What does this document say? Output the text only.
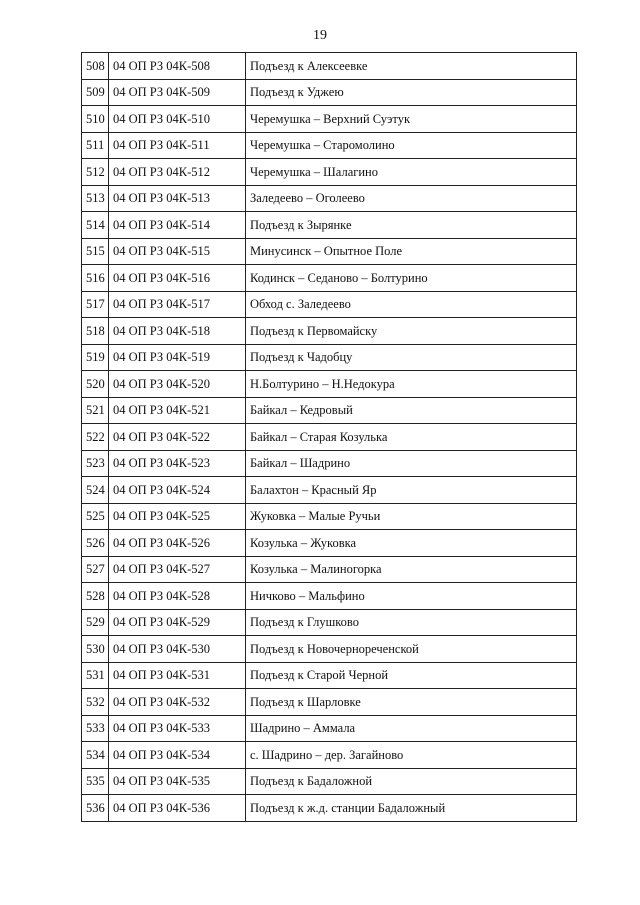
19
508	04 ОП РЗ 04К-508	Подъезд к Алексеевке
509	04 ОП РЗ 04К-509	Подъезд к Уджею
510	04 ОП РЗ 04К-510	Черемушка – Верхний Суэтук
511	04 ОП РЗ 04К-511	Черемушка – Старомолино
512	04 ОП РЗ 04К-512	Черемушка – Шалагино
513	04 ОП РЗ 04К-513	Заледеево – Оголеево
514	04 ОП РЗ 04К-514	Подъезд к Зырянке
515	04 ОП РЗ 04К-515	Минусинск – Опытное Поле
516	04 ОП РЗ 04К-516	Кодинск – Седаново – Болтурино
517	04 ОП РЗ 04К-517	Обход с. Заледеево
518	04 ОП РЗ 04К-518	Подъезд к Первомайску
519	04 ОП РЗ 04К-519	Подъезд к Чадобцу
520	04 ОП РЗ 04К-520	Н.Болтурино – Н.Недокура
521	04 ОП РЗ 04К-521	Байкал – Кедровый
522	04 ОП РЗ 04К-522	Байкал – Старая Козулька
523	04 ОП РЗ 04К-523	Байкал – Шадрино
524	04 ОП РЗ 04К-524	Балахтон – Красный Яр
525	04 ОП РЗ 04К-525	Жуковка – Малые Ручьи
526	04 ОП РЗ 04К-526	Козулька – Жуковка
527	04 ОП РЗ 04К-527	Козулька – Малиногорка
528	04 ОП РЗ 04К-528	Ничково – Мальфино
529	04 ОП РЗ 04К-529	Подъезд к Глушково
530	04 ОП РЗ 04К-530	Подъезд к Новочернореченской
531	04 ОП РЗ 04К-531	Подъезд к Старой Черной
532	04 ОП РЗ 04К-532	Подъезд к Шарловке
533	04 ОП РЗ 04К-533	Шадрино – Аммала
534	04 ОП РЗ 04К-534	с. Шадрино – дер. Загайново
535	04 ОП РЗ 04К-535	Подъезд к Бадаложной
536	04 ОП РЗ 04К-536	Подъезд к ж.д. станции Бадаложный
